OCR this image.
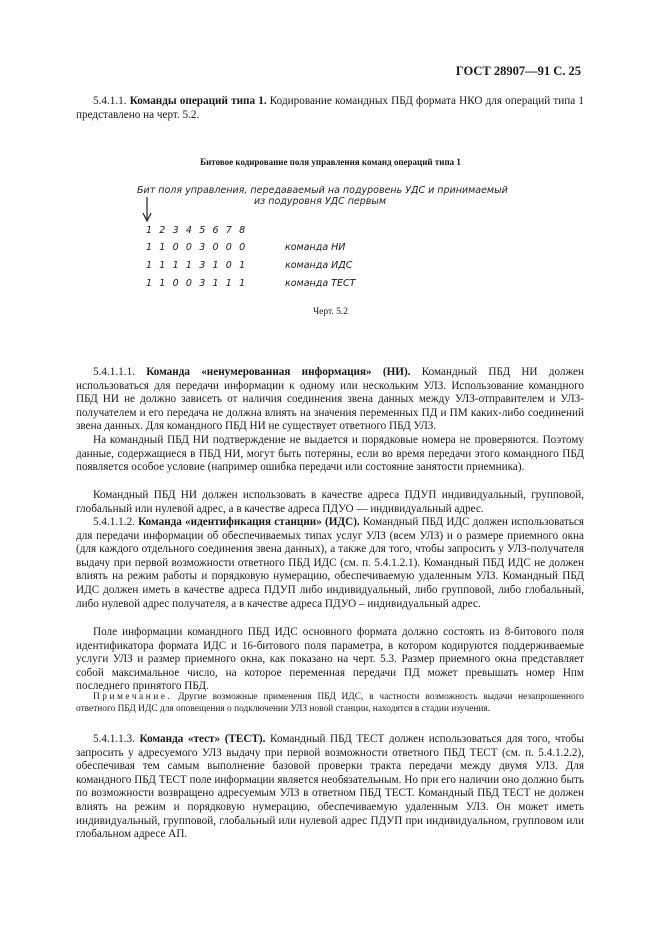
ГОСТ 28907—91 С. 25
5.4.1.1. Команды операций типа 1. Кодирование командных ПБД формата НКО для операций типа 1 представлено на черт. 5.2.
Битовое кодирование поля управления команд операций типа 1
Бит поля управления, передаваемый на подуровень УДС и принимаемый
из подуровня УДС первым
1 2 3 4 5 6 7 8
1 1 0 0 3 0 0 0	команда НИ
1 1 1 1 3 1 0 1	команда ИДС
1 1 0 0 3 1 1 1	команда ТЕСТ
Черт. 5.2
5.4.1.1.1. Команда «ненумерованная информация» (НИ). Командный ПБД НИ должен использоваться для передачи информации к одному или нескольким УЛЗ. Использование командного ПБД НИ не должно зависеть от наличия соединения звена данных между УЛЗ-отправителем и УЛЗ-получателем и его передача не должна влиять на значения переменных ПД и ПМ каких-либо соединений звена данных. Для командного ПБД НИ не существует ответного ПБД УЛЗ.
На командный ПБД НИ подтверждение не выдается и порядковые номера не проверяются. Поэтому данные, содержащиеся в ПБД НИ, могут быть потеряны, если во время передачи этого командного ПБД появляется особое условие (например ошибка передачи или состояние занятости приемника).
Командный ПБД НИ должен использовать в качестве адреса ПДУП индивидуальный, групповой, глобальный или нулевой адрес, а в качестве адреса ПДУО — индивидуальный адрес.
5.4.1.1.2. Команда «идентификация станции» (ИДС). Командный ПБД ИДС должен использоваться для передачи информации об обеспечиваемых типах услуг УЛЗ (всем УЛЗ) и о размере приемного окна (для каждого отдельного соединения звена данных), а также для того, чтобы запросить у УЛЗ-получателя выдачу при первой возможности ответного ПБД ИДС (см. п. 5.4.1.2.1). Командный ПБД ИДС не должен влиять на режим работы и порядковую нумерацию, обеспечиваемую удаленным УЛЗ. Командный ПБД ИДС должен иметь в качестве адреса ПДУП либо индивидуальный, либо групповой, либо глобальный, либо нулевой адрес получателя, а в качестве адреса ПДУО – индивидуальный адрес.
Поле информации командного ПБД ИДС основного формата должно состоять из 8-битового поля идентификатора формата ИДС и 16-битового поля параметра, в котором кодируются поддерживаемые услуги УЛЗ и размер приемного окна, как показано на черт. 5.3. Размер приемного окна представляет собой максимальное число, на которое переменная передачи ПД может превышать номер Нпм последнего принятого ПБД.
Примечание. Другие возможные применения ПБД ИДС, в частности возможность выдачи незапрошенного ответного ПБД ИДС для оповещения о подключении УЛЗ новой станции, находятся в стадии изучения.
5.4.1.1.3. Команда «тест» (ТЕСТ). Командный ПБД ТЕСТ должен использоваться для того, чтобы запросить у адресуемого УЛЗ выдачу при первой возможности ответного ПБД ТЕСТ (см. п. 5.4.1.2.2), обеспечивая тем самым выполнение базовой проверки тракта передачи между двумя УЛЗ. Для командного ПБД ТЕСТ поле информации является необязательным. Но при его наличии оно должно быть по возможности возвращено адресуемым УЛЗ в ответном ПБД ТЕСТ. Командный ПБД ТЕСТ не должен влиять на режим и порядковую нумерацию, обеспечиваемую удаленным УЛЗ. Он может иметь индивидуальный, групповой, глобальный или нулевой адрес ПДУП при индивидуальном, групповом или глобальном адресе АП.
